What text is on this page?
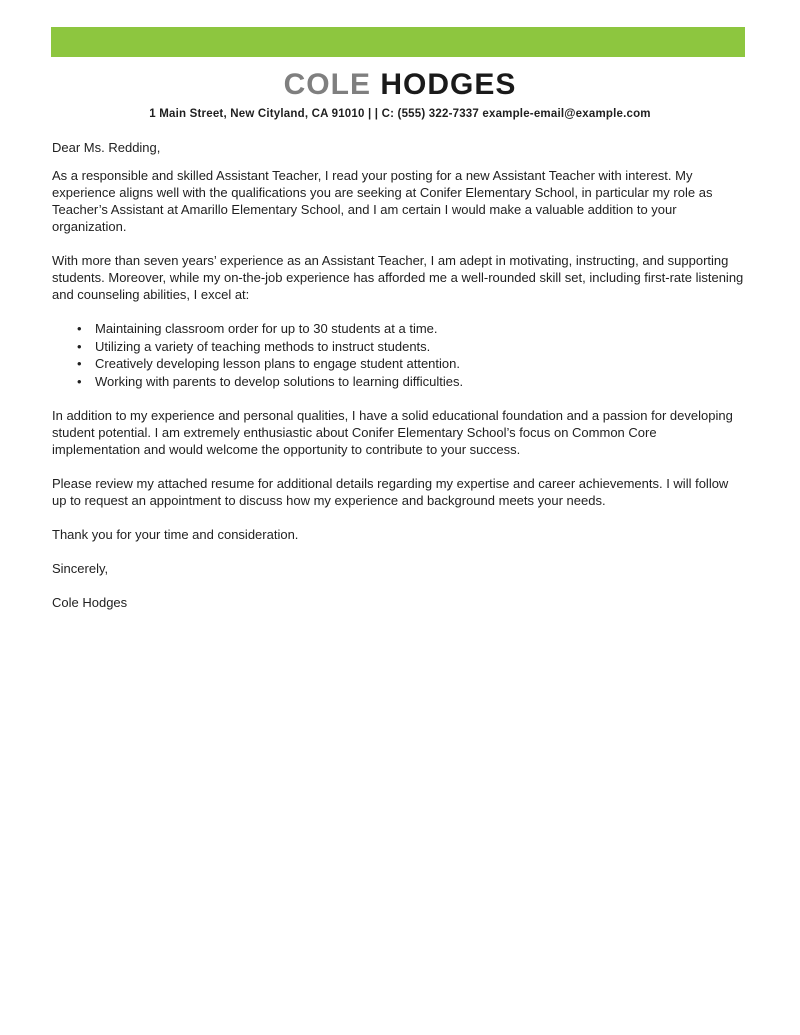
COLE HODGES
1 Main Street, New Cityland, CA 91010 | | C: (555) 322-7337 example-email@example.com

Dear Ms. Redding,

As a responsible and skilled Assistant Teacher, I read your posting for a new Assistant Teacher with interest. My experience aligns well with the qualifications you are seeking at Conifer Elementary School, in particular my role as Teacher’s Assistant at Amarillo Elementary School, and I am certain I would make a valuable addition to your organization.

With more than seven years’ experience as an Assistant Teacher, I am adept in motivating, instructing, and supporting students. Moreover, while my on-the-job experience has afforded me a well-rounded skill set, including first-rate listening and counseling abilities, I excel at:

• Maintaining classroom order for up to 30 students at a time.
• Utilizing a variety of teaching methods to instruct students.
• Creatively developing lesson plans to engage student attention.
• Working with parents to develop solutions to learning difficulties.

In addition to my experience and personal qualities, I have a solid educational foundation and a passion for developing student potential. I am extremely enthusiastic about Conifer Elementary School’s focus on Common Core implementation and would welcome the opportunity to contribute to your success.

Please review my attached resume for additional details regarding my expertise and career achievements. I will follow up to request an appointment to discuss how my experience and background meets your needs.

Thank you for your time and consideration.

Sincerely,

Cole Hodges
